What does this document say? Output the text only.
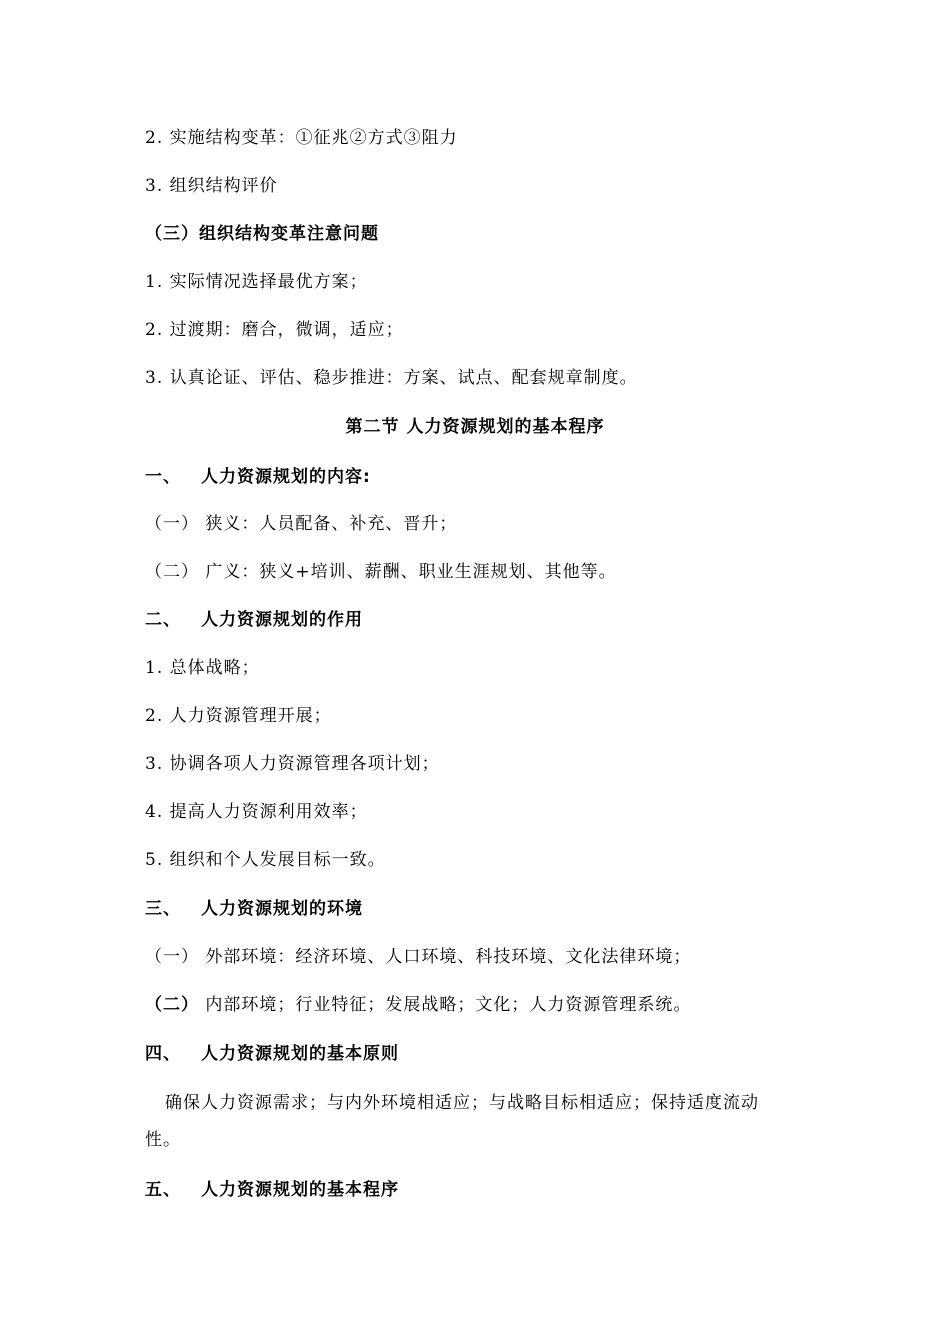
2. 实施结构变革：①征兆②方式③阻力
3. 组织结构评价
（三）组织结构变革注意问题
1. 实际情况选择最优方案；
2. 过渡期：磨合，微调，适应；
3. 认真论证、评估、稳步推进：方案、试点、配套规章制度。
第二节 人力资源规划的基本程序
一、 人力资源规划的内容:
（一） 狭义：人员配备、补充、晋升；
（二） 广义：狭义+培训、薪酬、职业生涯规划、其他等。
二、 人力资源规划的作用
1. 总体战略；
2. 人力资源管理开展；
3. 协调各项人力资源管理各项计划；
4. 提高人力资源利用效率；
5. 组织和个人发展目标一致。
三、 人力资源规划的环境
（一） 外部环境：经济环境、人口环境、科技环境、文化法律环境；
（二） 内部环境；行业特征；发展战略；文化；人力资源管理系统。
四、 人力资源规划的基本原则
确保人力资源需求；与内外环境相适应；与战略目标相适应；保持适度流动
性。
五、 人力资源规划的基本程序
